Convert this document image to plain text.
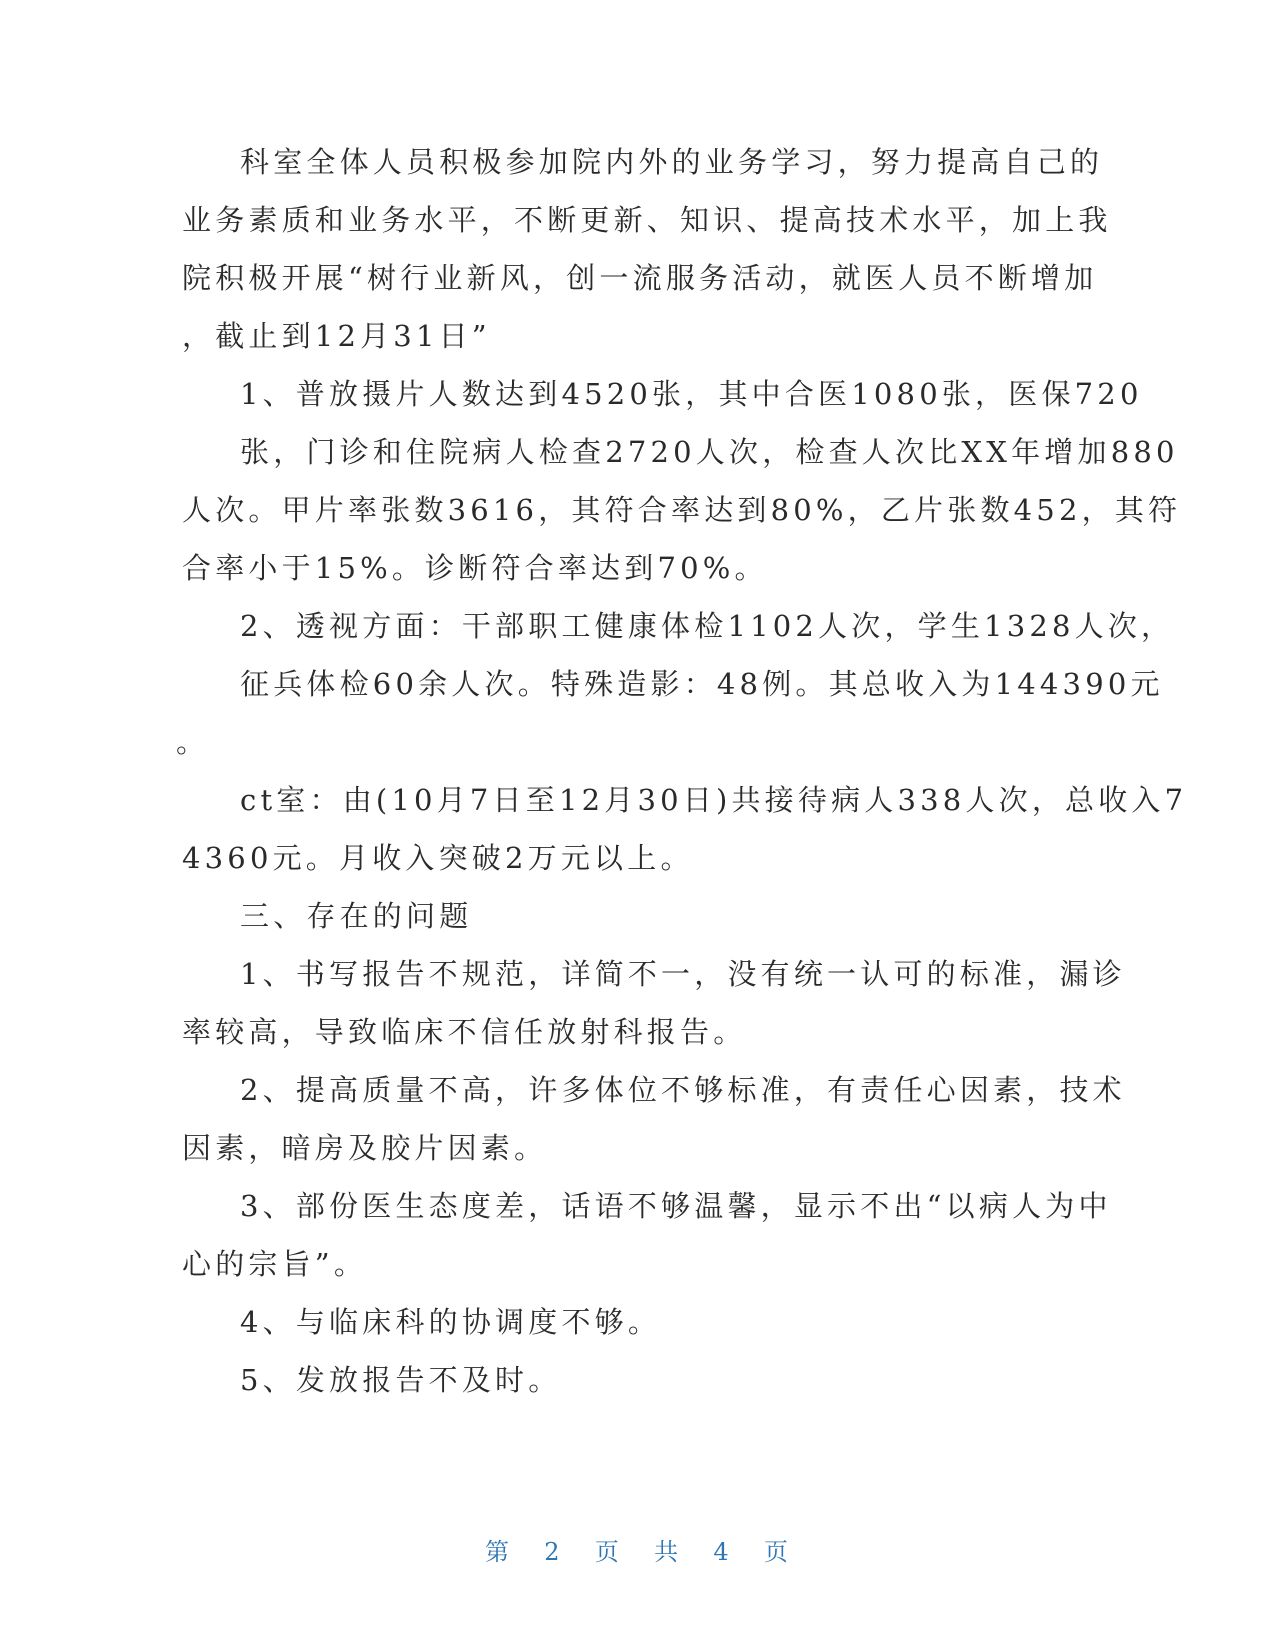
科室全体人员积极参加院内外的业务学习，努力提高自己的
业务素质和业务水平，不断更新、知识、提高技术水平，加上我
院积极开展“树行业新风，创一流服务活动，就医人员不断增加
，截止到12月31日”
1、普放摄片人数达到4520张，其中合医1080张，医保720
张，门诊和住院病人检查2720人次，检查人次比XX年增加880
人次。甲片率张数3616，其符合率达到80%，乙片张数452，其符
合率小于15%。诊断符合率达到70%。
2、透视方面：干部职工健康体检1102人次，学生1328人次，
征兵体检60余人次。特殊造影：48例。其总收入为144390元
。
ct室：由(10月7日至12月30日)共接待病人338人次，总收入7
4360元。月收入突破2万元以上。
三、存在的问题
1、书写报告不规范，详简不一，没有统一认可的标准，漏诊
率较高，导致临床不信任放射科报告。
2、提高质量不高，许多体位不够标准，有责任心因素，技术
因素，暗房及胶片因素。
3、部份医生态度差，话语不够温馨，显示不出“以病人为中
心的宗旨”。
4、与临床科的协调度不够。
5、发放报告不及时。
第 2 页 共 4 页
